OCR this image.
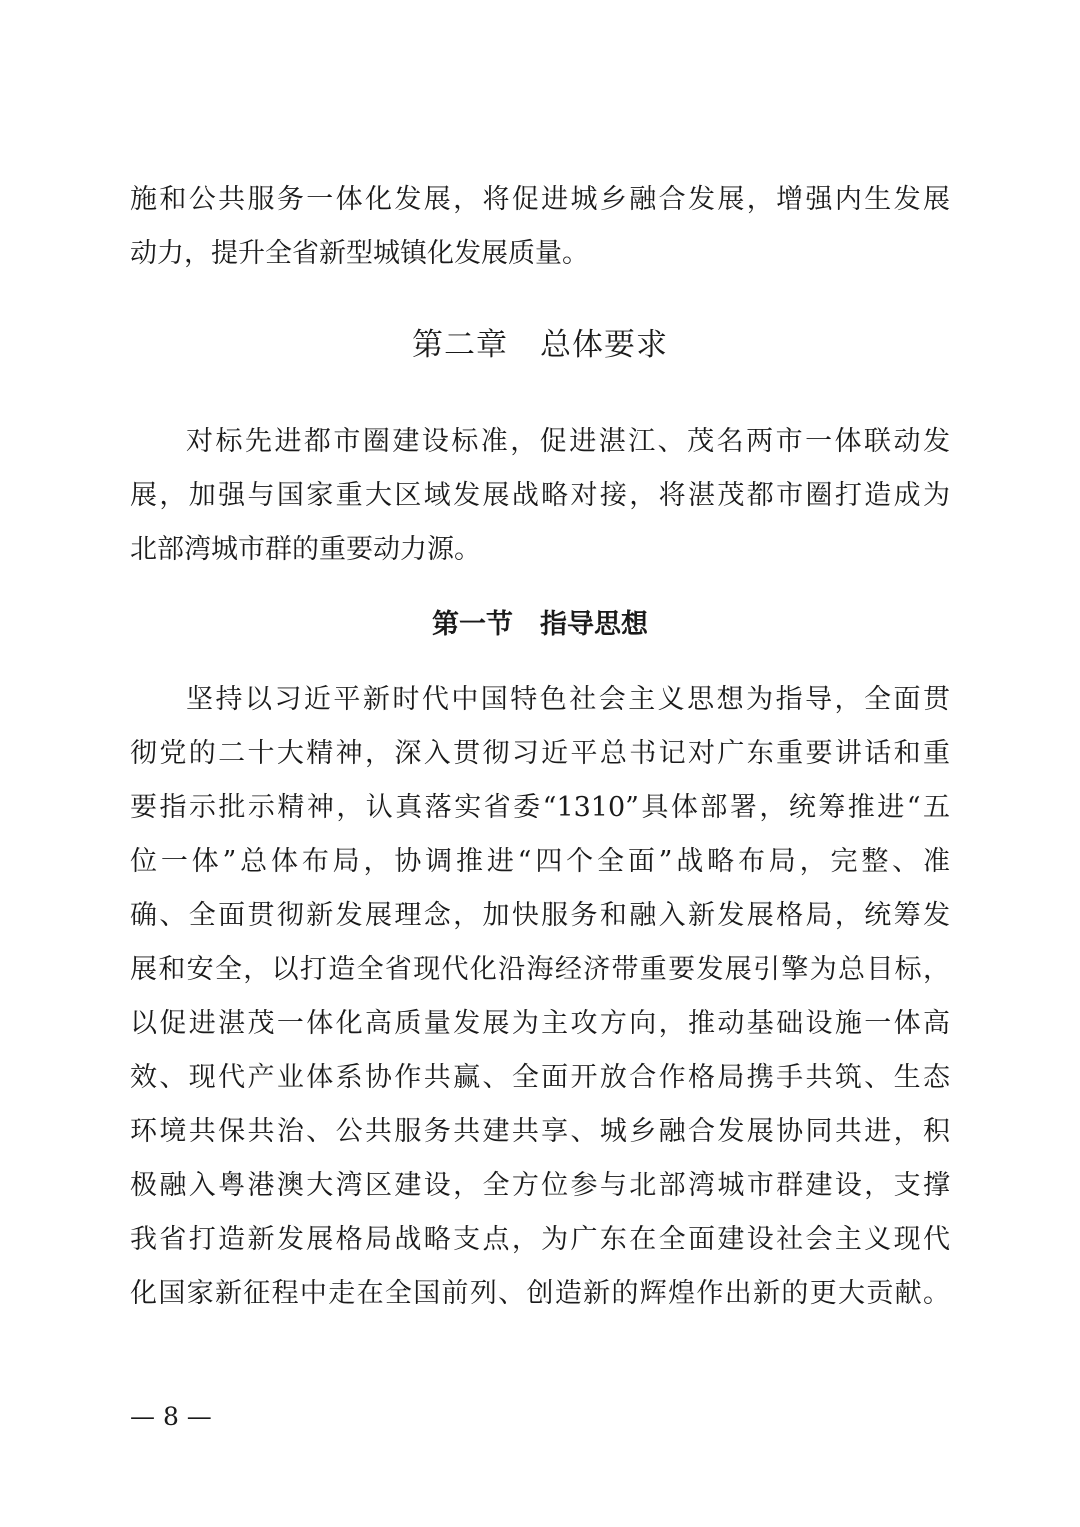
施和公共服务一体化发展，将促进城乡融合发展，增强内生发展
动力，提升全省新型城镇化发展质量。
第二章　总体要求
对标先进都市圈建设标准，促进湛江、茂名两市一体联动发
展，加强与国家重大区域发展战略对接，将湛茂都市圈打造成为
北部湾城市群的重要动力源。
第一节　指导思想
坚持以习近平新时代中国特色社会主义思想为指导，全面贯
彻党的二十大精神，深入贯彻习近平总书记对广东重要讲话和重
要指示批示精神，认真落实省委“1310”具体部署，统筹推进“五
位一体”总体布局，协调推进“四个全面”战略布局，完整、准
确、全面贯彻新发展理念，加快服务和融入新发展格局，统筹发
展和安全，以打造全省现代化沿海经济带重要发展引擎为总目标，
以促进湛茂一体化高质量发展为主攻方向，推动基础设施一体高
效、现代产业体系协作共赢、全面开放合作格局携手共筑、生态
环境共保共治、公共服务共建共享、城乡融合发展协同共进，积
极融入粤港澳大湾区建设，全方位参与北部湾城市群建设，支撑
我省打造新发展格局战略支点，为广东在全面建设社会主义现代
化国家新征程中走在全国前列、创造新的辉煌作出新的更大贡献。
— 8 —
